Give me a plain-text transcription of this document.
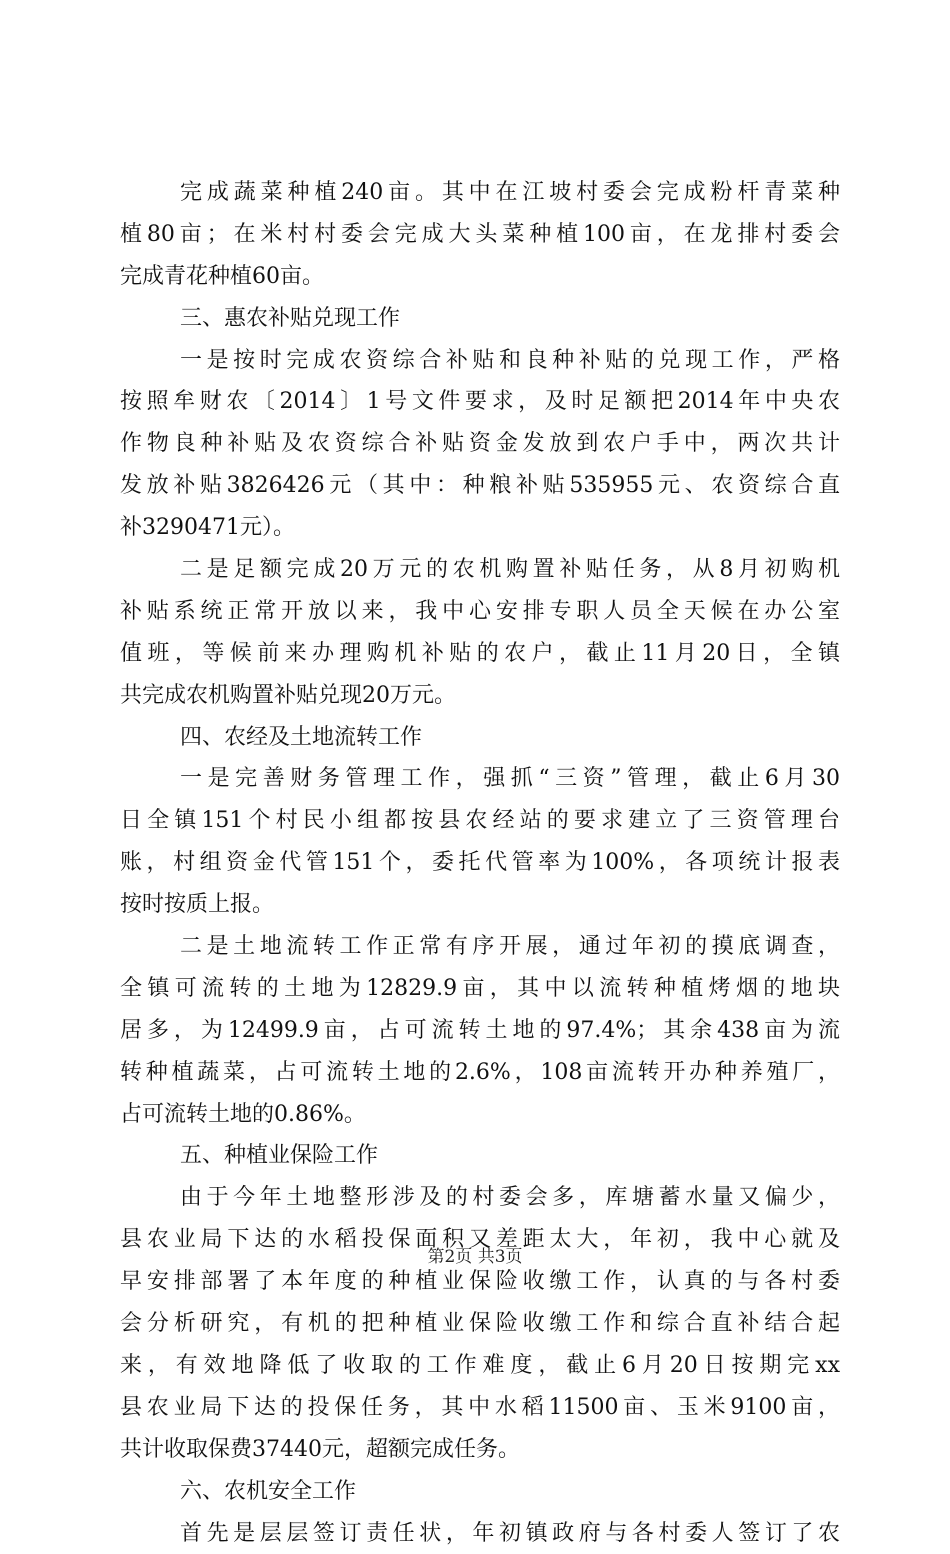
完成蔬菜种植240亩。其中在江坡村委会完成粉杆青菜种
植80亩；在米村村委会完成大头菜种植100亩，在龙排村委会
完成青花种植60亩。
三、惠农补贴兑现工作
一是按时完成农资综合补贴和良种补贴的兑现工作，严格
按照牟财农〔2014〕1号文件要求，及时足额把2014年中央农
作物良种补贴及农资综合补贴资金发放到农户手中，两次共计
发放补贴3826426元（其中：种粮补贴535955元、农资综合直
补3290471元）。
二是足额完成20万元的农机购置补贴任务，从8月初购机
补贴系统正常开放以来，我中心安排专职人员全天候在办公室
值班，等候前来办理购机补贴的农户，截止11月20日，全镇
共完成农机购置补贴兑现20万元。
四、农经及土地流转工作
一是完善财务管理工作，强抓“三资”管理，截止6月30
日全镇151个村民小组都按县农经站的要求建立了三资管理台
账，村组资金代管151个，委托代管率为100%，各项统计报表
按时按质上报。
二是土地流转工作正常有序开展，通过年初的摸底调查，
全镇可流转的土地为12829.9亩，其中以流转种植烤烟的地块
居多，为12499.9亩，占可流转土地的97.4%；其余438亩为流
转种植蔬菜，占可流转土地的2.6%，108亩流转开办种养殖厂，
占可流转土地的0.86%。
五、种植业保险工作
由于今年土地整形涉及的村委会多，库塘蓄水量又偏少，
县农业局下达的水稻投保面积又差距太大，年初，我中心就及
早安排部署了本年度的种植业保险收缴工作，认真的与各村委
会分析研究，有机的把种植业保险收缴工作和综合直补结合起
来，有效地降低了收取的工作难度，截止6月20日按期完xx
县农业局下达的投保任务，其中水稻11500亩、玉米9100亩，
共计收取保费37440元，超额完成任务。
六、农机安全工作
首先是层层签订责任状，年初镇政府与各村委人签订了农
第2页 共3页
